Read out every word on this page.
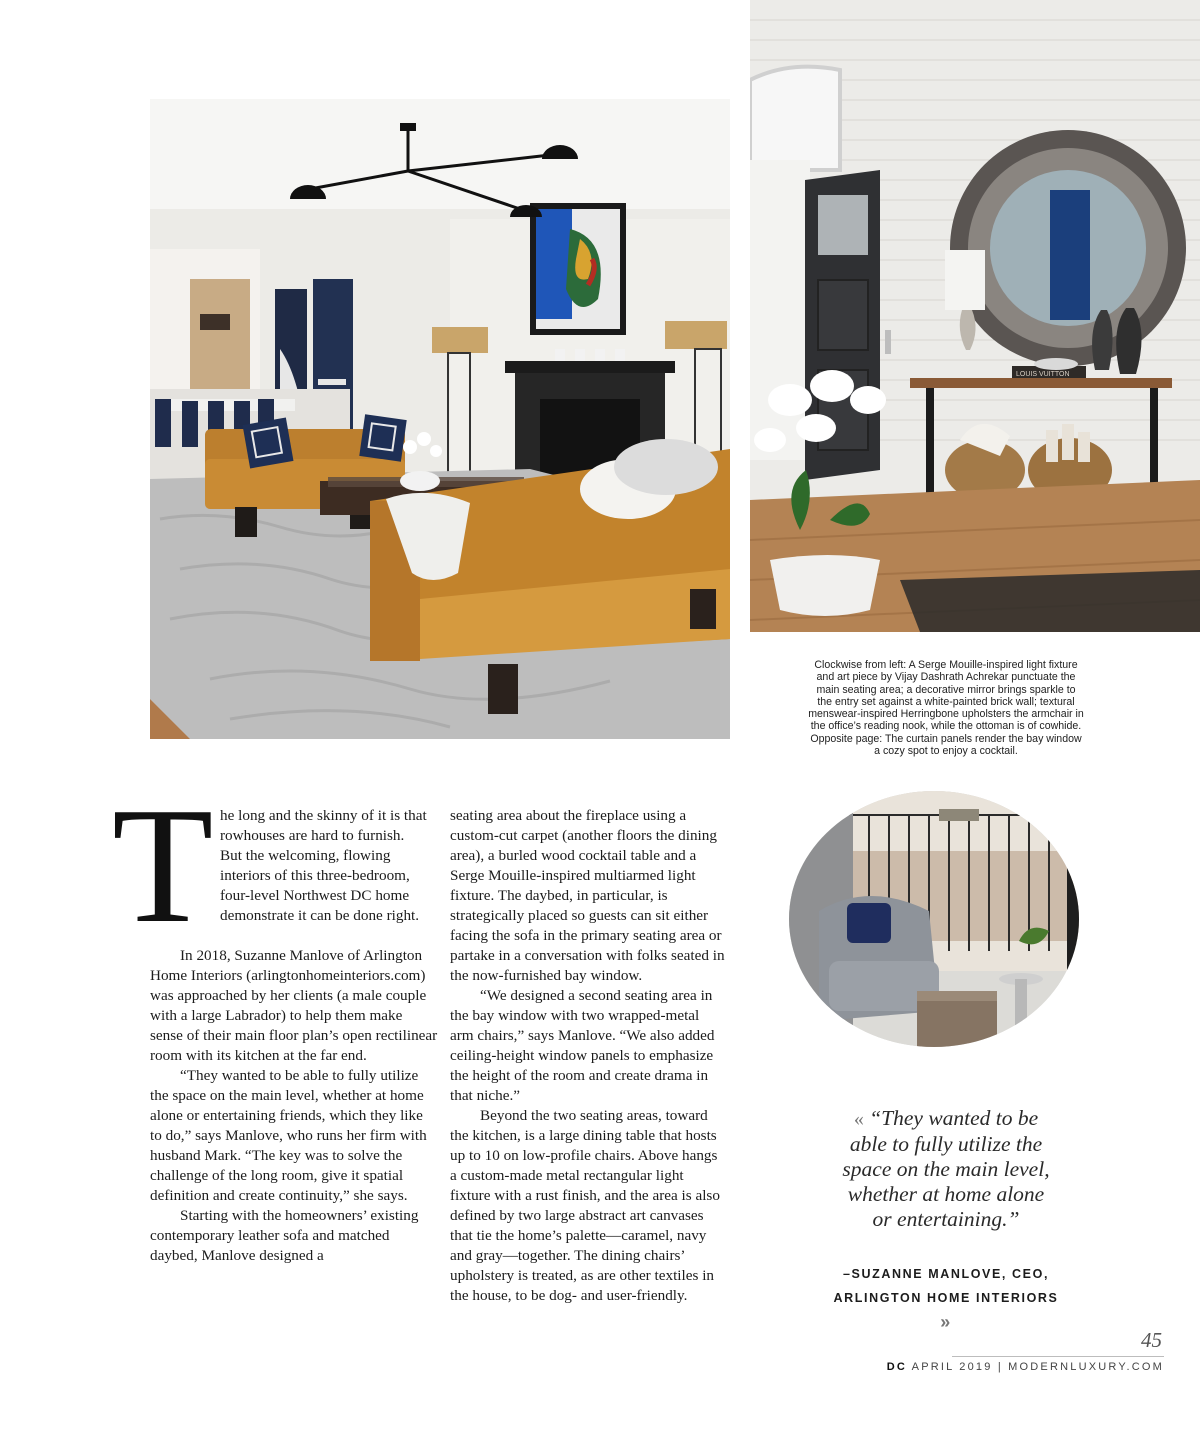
LOUIS VUITTON
Clockwise from left: A Serge Mouille-inspired light fixture and art piece by Vijay Dashrath Achrekar punctuate the main seating area; a decorative mirror brings sparkle to the entry set against a white-painted brick wall; textural menswear-inspired Herringbone upholsters the armchair in the office’s reading nook, while the ottoman is of cowhide. Opposite page: The curtain panels render the bay window a cozy spot to enjoy a cocktail.
T he long and the skinny of it is that rowhouses are hard to furnish. But the welcoming, flowing interiors of this three-bedroom, four-level Northwest DC home demonstrate it can be done right.

In 2018, Suzanne Manlove of Arlington Home Interiors (arlingtonhomeinteriors.com) was approached by her clients (a male couple with a large Labrador) to help them make sense of their main floor plan’s open rectilinear room with its kitchen at the far end.

“They wanted to be able to fully utilize the space on the main level, whether at home alone or entertaining friends, which they like to do,” says Manlove, who runs her firm with husband Mark. “The key was to solve the challenge of the long room, give it spatial definition and create continuity,” she says.

Starting with the homeowners’ existing contemporary leather sofa and matched daybed, Manlove designed a

seating area about the fireplace using a custom-cut carpet (another floors the dining area), a burled wood cocktail table and a Serge Mouille-inspired multiarmed light fixture. The daybed, in particular, is strategically placed so guests can sit either facing the sofa in the primary seating area or partake in a conversation with folks seated in the now-furnished bay window.

“We designed a second seating area in the bay window with two wrapped-metal arm chairs,” says Manlove. “We also added ceiling-height window panels to emphasize the height of the room and create drama in that niche.”

Beyond the two seating areas, toward the kitchen, is a large dining table that hosts up to 10 on low-profile chairs. Above hangs a custom-made metal rectangular light fixture with a rust finish, and the area is also defined by two large abstract art canvases that tie the home’s palette—caramel, navy and gray—together. The dining chairs’ upholstery is treated, as are other textiles in the house, to be dog- and user-friendly.

« “They wanted to be able to fully utilize the space on the main level, whether at home alone or entertaining.”
–SUZANNE MANLOVE, CEO, ARLINGTON HOME INTERIORS »
45
DC APRIL 2019 | MODERNLUXURY.COM
